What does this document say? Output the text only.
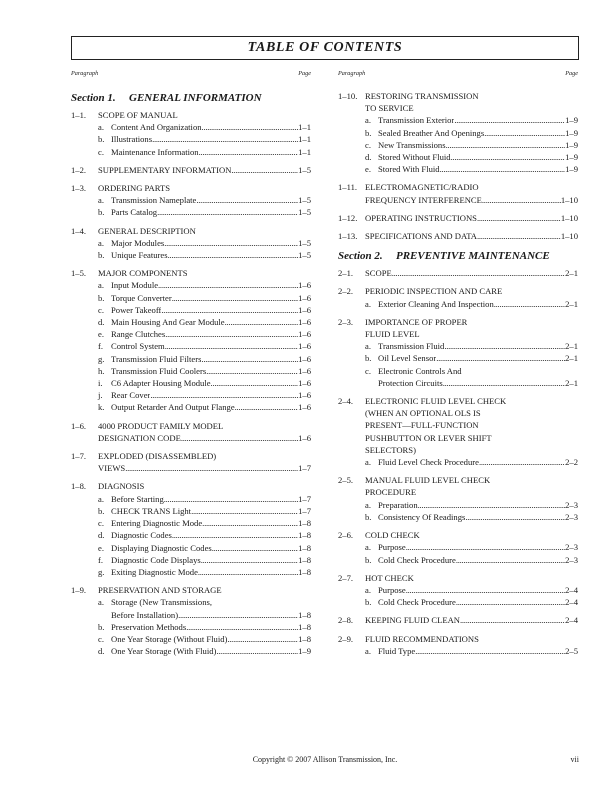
TABLE OF CONTENTS
Paragraph	Page
Section 1. GENERAL INFORMATION
1–1.	SCOPE OF MANUAL
a. Content And Organization . . .	1–1
b. Illustrations . . .	1–1
c. Maintenance Information . . .	1–1
1–2.	SUPPLEMENTARY INFORMATION . . .	1–5
1–3.	ORDERING PARTS
a. Transmission Nameplate . . .	1–5
b. Parts Catalog . . .	1–5
1–4.	GENERAL DESCRIPTION
a. Major Modules . . .	1–5
b. Unique Features . . .	1–5
1–5.	MAJOR COMPONENTS
a. Input Module . . .	1–6
b. Torque Converter . . .	1–6
c. Power Takeoff . . .	1–6
d. Main Housing And Gear Module . . .	1–6
e. Range Clutches . . .	1–6
f. Control System . . .	1–6
g. Transmission Fluid Filters . . .	1–6
h. Transmission Fluid Coolers . . .	1–6
i. C6 Adapter Housing Module . . .	1–6
j. Rear Cover . . .	1–6
k. Output Retarder And Output Flange . . .	1–6
1–6.	4000 PRODUCT FAMILY MODEL
DESIGNATION CODE . . .	1–6
1–7.	EXPLODED (DISASSEMBLED)
VIEWS . . .	1–7
1–8.	DIAGNOSIS
a. Before Starting . . .	1–7
b. CHECK TRANS Light . . .	1–7
c. Entering Diagnostic Mode . . .	1–8
d. Diagnostic Codes . . .	1–8
e. Displaying Diagnostic Codes . . .	1–8
f. Diagnostic Code Displays . . .	1–8
g. Exiting Diagnostic Mode . . .	1–8
1–9.	PRESERVATION AND STORAGE
a. Storage (New Transmissions,
Before Installation) . . .	1–8
b. Preservation Methods . . .	1–8
c. One Year Storage (Without Fluid) . . .	1–8
d. One Year Storage (With Fluid) . . .	1–9
Paragraph	Page
1–10. RESTORING TRANSMISSION
TO SERVICE
a. Transmission Exterior . . .	1–9
b. Sealed Breather And Openings . . .	1–9
c. New Transmissions . . .	1–9
d. Stored Without Fluid . . .	1–9
e. Stored With Fluid . . .	1–9
1–11. ELECTROMAGNETIC/RADIO
FREQUENCY INTERFERENCE . . .	1–10
1–12. OPERATING INSTRUCTIONS . . .	1–10
1–13. SPECIFICATIONS AND DATA . . .	1–10
Section 2. PREVENTIVE MAINTENANCE
2–1.	SCOPE . . .	2–1
2–2.	PERIODIC INSPECTION AND CARE
a. Exterior Cleaning And Inspection . . .	2–1
2–3.	IMPORTANCE OF PROPER
FLUID LEVEL
a. Transmission Fluid . . .	2–1
b. Oil Level Sensor . . .	2–1
c. Electronic Controls And
Protection Circuits . . .	2–1
2–4.	ELECTRONIC FLUID LEVEL CHECK
(WHEN AN OPTIONAL OLS IS
PRESENT—FULL-FUNCTION
PUSHBUTTON OR LEVER SHIFT
SELECTORS)
a. Fluid Level Check Procedure . . .	2–2
2–5.	MANUAL FLUID LEVEL CHECK
PROCEDURE
a. Preparation . . .	2–3
b. Consistency Of Readings . . .	2–3
2–6.	COLD CHECK
a. Purpose . . .	2–3
b. Cold Check Procedure . . .	2–3
2–7.	HOT CHECK
a. Purpose . . .	2–4
b. Cold Check Procedure . . .	2–4
2–8.	KEEPING FLUID CLEAN . . .	2–4
2–9.	FLUID RECOMMENDATIONS
a. Fluid Type . . .	2–5
Copyright © 2007 Allison Transmission, Inc.	vii
